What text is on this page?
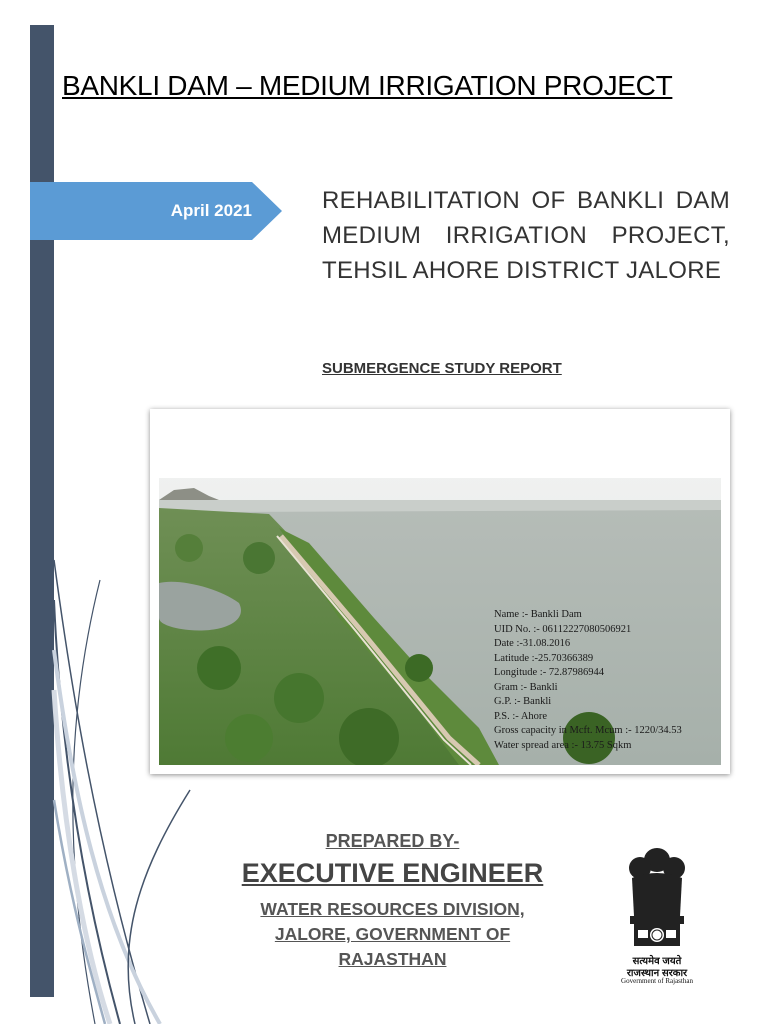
BANKLI DAM – MEDIUM IRRIGATION PROJECT
April 2021	REHABILITATION OF BANKLI DAM MEDIUM IRRIGATION PROJECT, TEHSIL AHORE DISTRICT JALORE
SUBMERGENCE STUDY REPORT
Name :- Bankli Dam
UID No. :- 06112227080506921
Date :-31.08.2016
Latitude :-25.70366389
Longitude :- 72.87986944
Gram :- Bankli
G.P. :- Bankli
P.S. :- Ahore
Gross capacity in Mcft. Mcum :- 1220/34.53
Water spread area :- 13.75 Sqkm
PREPARED BY-
EXECUTIVE ENGINEER
WATER RESOURCES DIVISION,
JALORE, GOVERNMENT OF
RAJASTHAN	सत्यमेव जयते
राजस्थान सरकार
Government of Rajasthan
